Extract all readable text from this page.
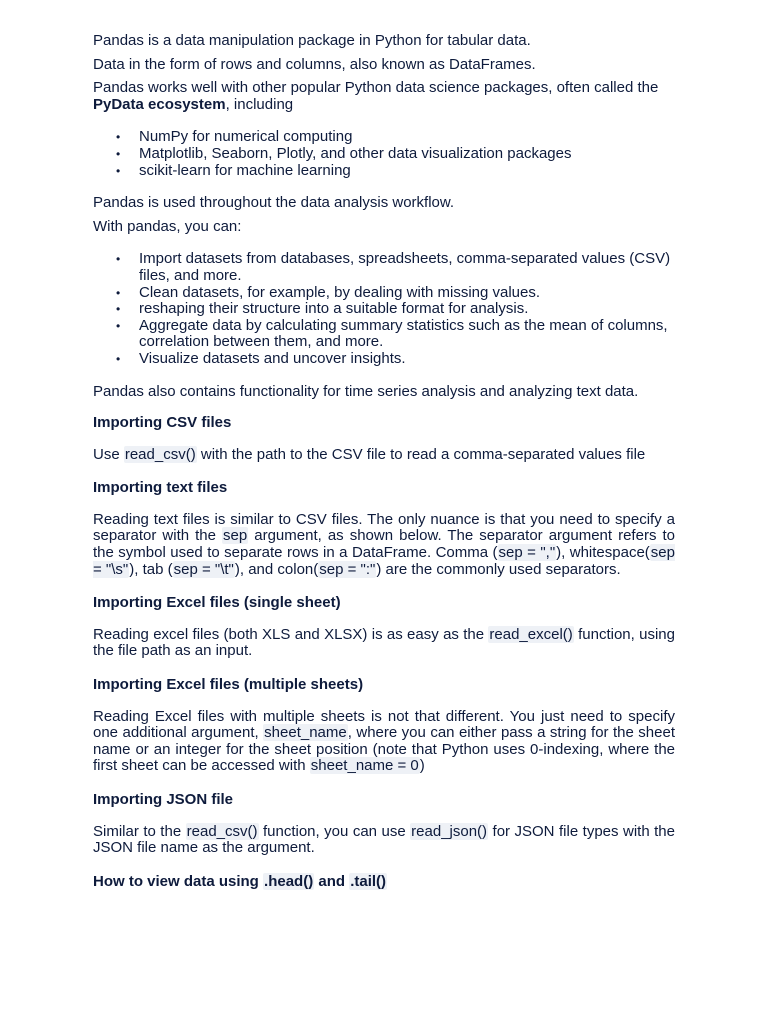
Pandas is a data manipulation package in Python for tabular data.

Data in the form of rows and columns, also known as DataFrames.

Pandas works well with other popular Python data science packages, often called the PyData ecosystem, including

• NumPy for numerical computing
• Matplotlib, Seaborn, Plotly, and other data visualization packages
• scikit-learn for machine learning

Pandas is used throughout the data analysis workflow.

With pandas, you can:

• Import datasets from databases, spreadsheets, comma-separated values (CSV) files, and more.
• Clean datasets, for example, by dealing with missing values.
• reshaping their structure into a suitable format for analysis.
• Aggregate data by calculating summary statistics such as the mean of columns, correlation between them, and more.
• Visualize datasets and uncover insights.

Pandas also contains functionality for time series analysis and analyzing text data.

Importing CSV files

Use read_csv() with the path to the CSV file to read a comma-separated values file

Importing text files

Reading text files is similar to CSV files. The only nuance is that you need to specify a separator with the sep argument, as shown below. The separator argument refers to the symbol used to separate rows in a DataFrame. Comma (sep = ","), whitespace(sep = "\s"), tab (sep = "\t"), and colon(sep = ":") are the commonly used separators.

Importing Excel files (single sheet)

Reading excel files (both XLS and XLSX) is as easy as the read_excel() function, using the file path as an input.

Importing Excel files (multiple sheets)

Reading Excel files with multiple sheets is not that different. You just need to specify one additional argument, sheet_name, where you can either pass a string for the sheet name or an integer for the sheet position (note that Python uses 0-indexing, where the first sheet can be accessed with sheet_name = 0)

Importing JSON file

Similar to the read_csv() function, you can use read_json() for JSON file types with the JSON file name as the argument.

How to view data using .head() and .tail()
